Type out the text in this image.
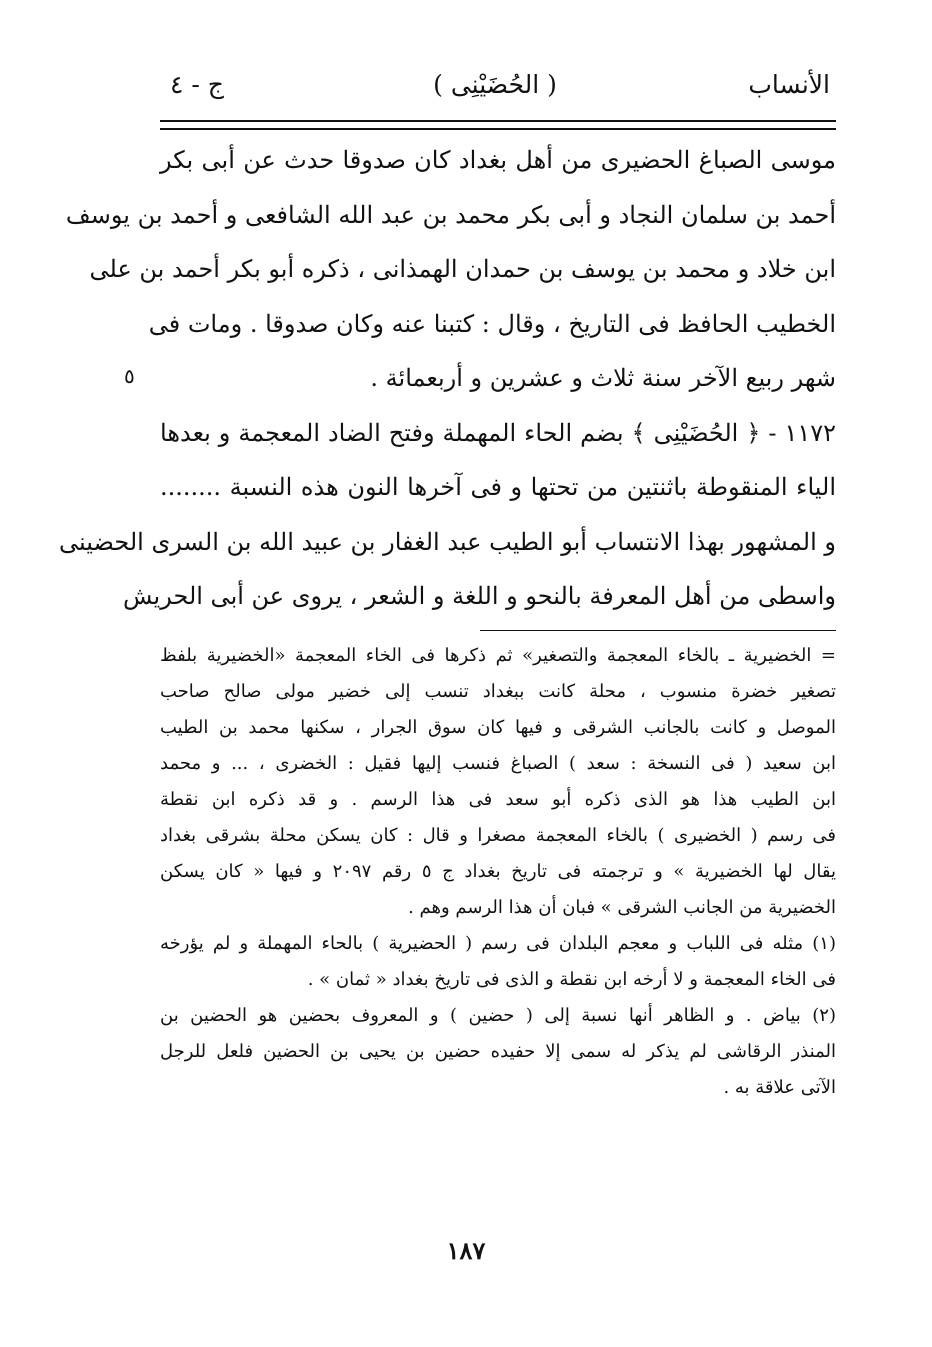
الأنساب
( الحُضَيْنِى )
ج - ٤
موسى الصباغ الحضيرى من أهل بغداد كان صدوقا حدث عن أبى بكر
أحمد بن سلمان النجاد و أبى بكر محمد بن عبد الله الشافعى و أحمد بن يوسف
ابن خلاد و محمد بن يوسف بن حمدان الهمذانى ، ذكره أبو بكر أحمد بن على
الخطيب الحافظ فى التاريخ ، وقال : كتبنا عنه وكان صدوقا . ومات فى
شهر ربيع الآخر سنة ثلاث و عشرين و أربعمائة .
١١٧٢ - ﴿ الحُضَيْنِى ﴾ بضم الحاء المهملة وفتح الضاد المعجمة و بعدها
الياء المنقوطة باثنتين من تحتها و فى آخرها النون هذه النسبة ........
و المشهور بهذا الانتساب أبو الطيب عبد الغفار بن عبيد الله بن السرى الحضينى
واسطى من أهل المعرفة بالنحو و اللغة و الشعر ، يروى عن أبى الحريش
٥
= الخضيرية ـ بالخاء المعجمة والتصغير» ثم ذكرها فى الخاء المعجمة «الخضيرية بلفظ
تصغير خضرة منسوب ، محلة كانت ببغداد تنسب إلى خضير مولى صالح صاحب
الموصل و كانت بالجانب الشرقى و فيها كان سوق الجرار ، سكنها محمد بن الطيب
ابن سعيد ( فى النسخة : سعد ) الصباغ فنسب إليها فقيل : الخضرى ، ... و محمد
ابن الطيب هذا هو الذى ذكره أبو سعد فى هذا الرسم . و قد ذكره ابن نقطة
فى رسم ( الخضيرى ) بالخاء المعجمة مصغرا و قال : كان يسكن محلة بشرقى بغداد
يقال لها الخضيرية » و ترجمته فى تاريخ بغداد ج ٥ رقم ٢٠٩٧ و فيها « كان يسكن
الخضيرية من الجانب الشرقى » فبان أن هذا الرسم وهم .
(١) مثله فى اللباب و معجم البلدان فى رسم ( الحضيرية ) بالحاء المهملة و لم يؤرخه
فى الخاء المعجمة و لا أرخه ابن نقطة و الذى فى تاريخ بغداد « ثمان » .
(٢) بياض . و الظاهر أنها نسبة إلى ( حضين ) و المعروف بحضين هو الحضين بن
المنذر الرقاشى لم يذكر له سمى إلا حفيده حضين بن يحيى بن الحضين فلعل للرجل
الآتى علاقة به .
١٨٧
